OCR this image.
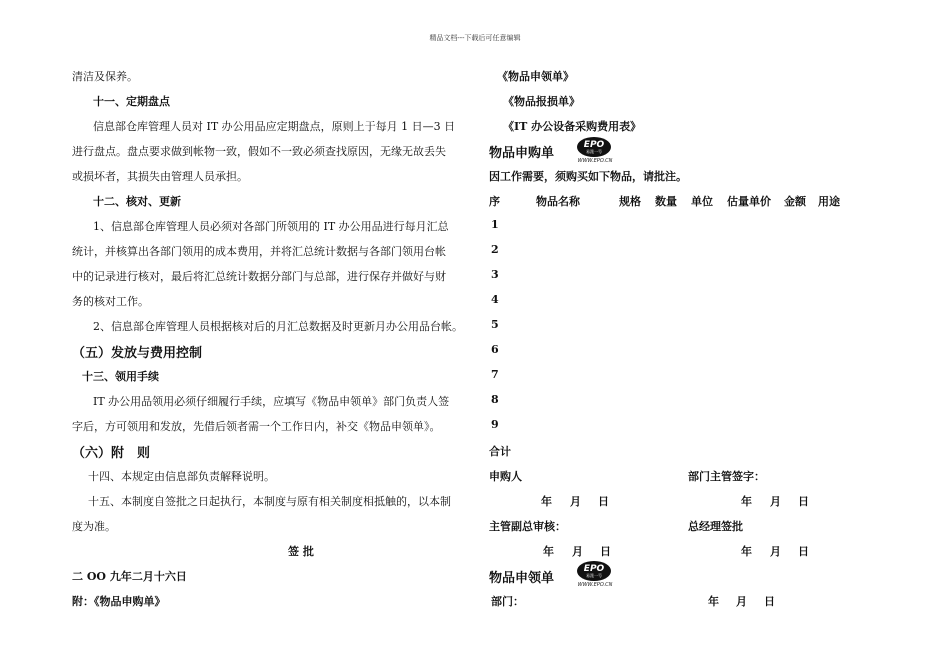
精品文档---下载后可任意编辑
清洁及保养。
十一、定期盘点
信息部仓库管理人员对 IT 办公用品应定期盘点，原则上于每月 1 日—3 日
进行盘点。盘点要求做到帐物一致，假如不一致必须查找原因，无缘无故丢失
或损坏者，其损失由管理人员承担。
十二、核对、更新
1、信息部仓库管理人员必须对各部门所领用的 IT 办公用品进行每月汇总
统计，并核算出各部门领用的成本费用，并将汇总统计数据与各部门领用台帐
中的记录进行核对，最后将汇总统计数据分部门与总部，进行保存并做好与财
务的核对工作。
2、信息部仓库管理人员根据核对后的月汇总数据及时更新月办公用品台帐。
（五）发放与费用控制
十三、领用手续
IT 办公用品领用必须仔细履行手续，应填写《物品申领单》部门负责人签
字后，方可领用和发放，先借后领者需一个工作日内，补交《物品申领单》。
（六）附　则
十四、本规定由信息部负责解释说明。
十五、本制度自签批之日起执行，本制度与原有相关制度相抵触的，以本制
度为准。
签 批
二 OO 九年二月十六日
附：《物品申购单》
《物品申领单》
《物品报损单》
《IT 办公设备采购费用表》
物品申购单
EPO
易派一号
WWW.EPO.CN
因工作需要，须购买如下物品，请批注。
序	物品名称	规格 数量 单位 估量单价 金额 用途
1
2
3
4
5
6
7
8
9
合计
申购人	部门主管签字：
年 月 日	年 月 日
主管副总审核：	总经理签批
年 月 日	年 月 日
物品申领单
EPO
易派一号
WWW.EPO.CN
部门：	年 月 日
